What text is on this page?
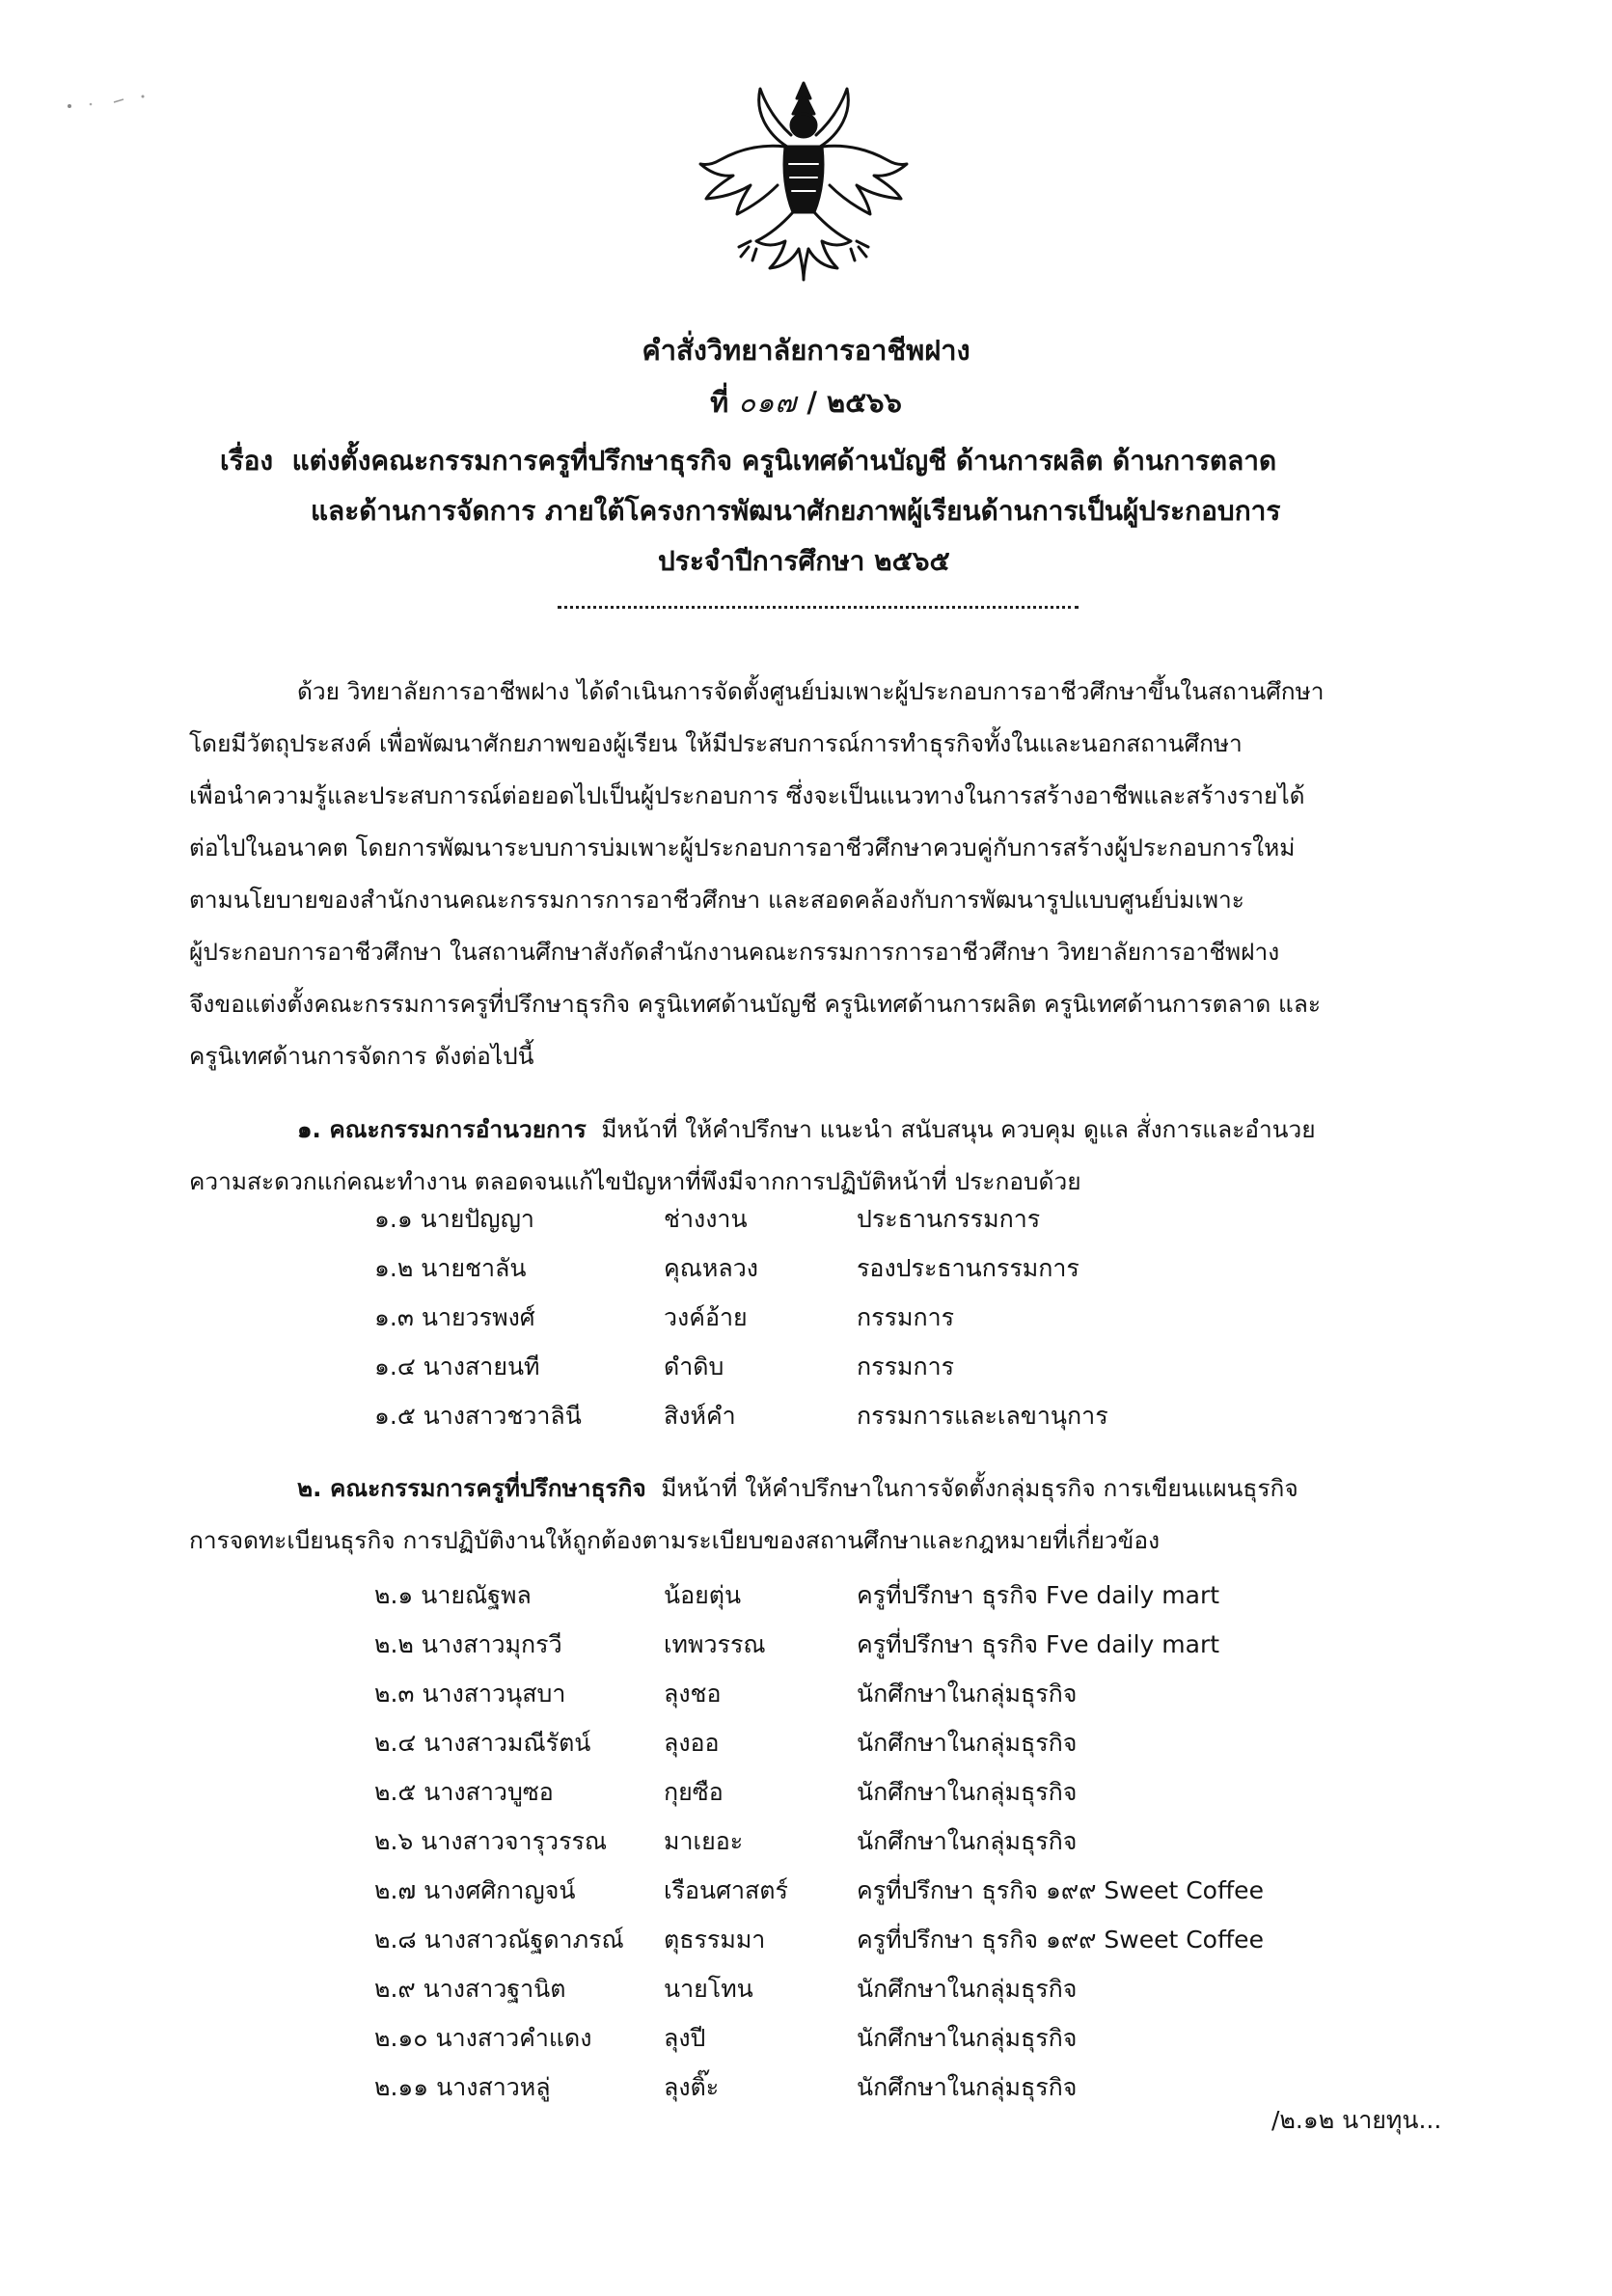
คำสั่งวิทยาลัยการอาชีพฝาง
ที่ ๐๑๗ / ๒๕๖๖
เรื่อง แต่งตั้งคณะกรรมการครูที่ปรึกษาธุรกิจ ครูนิเทศด้านบัญชี ด้านการผลิต ด้านการตลาด
และด้านการจัดการ ภายใต้โครงการพัฒนาศักยภาพผู้เรียนด้านการเป็นผู้ประกอบการ
ประจำปีการศึกษา ๒๕๖๕
ด้วย วิทยาลัยการอาชีพฝาง ได้ดำเนินการจัดตั้งศูนย์บ่มเพาะผู้ประกอบการอาชีวศึกษาขึ้นในสถานศึกษา
โดยมีวัตถุประสงค์ เพื่อพัฒนาศักยภาพของผู้เรียน ให้มีประสบการณ์การทำธุรกิจทั้งในและนอกสถานศึกษา
เพื่อนำความรู้และประสบการณ์ต่อยอดไปเป็นผู้ประกอบการ ซึ่งจะเป็นแนวทางในการสร้างอาชีพและสร้างรายได้
ต่อไปในอนาคต โดยการพัฒนาระบบการบ่มเพาะผู้ประกอบการอาชีวศึกษาควบคู่กับการสร้างผู้ประกอบการใหม่
ตามนโยบายของสำนักงานคณะกรรมการการอาชีวศึกษา และสอดคล้องกับการพัฒนารูปแบบศูนย์บ่มเพาะ
ผู้ประกอบการอาชีวศึกษา ในสถานศึกษาสังกัดสำนักงานคณะกรรมการการอาชีวศึกษา วิทยาลัยการอาชีพฝาง
จึงขอแต่งตั้งคณะกรรมการครูที่ปรึกษาธุรกิจ ครูนิเทศด้านบัญชี ครูนิเทศด้านการผลิต ครูนิเทศด้านการตลาด และ
ครูนิเทศด้านการจัดการ ดังต่อไปนี้
๑. คณะกรรมการอำนวยการ มีหน้าที่ ให้คำปรึกษา แนะนำ สนับสนุน ควบคุม ดูแล สั่งการและอำนวย
ความสะดวกแก่คณะทำงาน ตลอดจนแก้ไขปัญหาที่พึงมีจากการปฏิบัติหน้าที่ ประกอบด้วย
๑.๑ นายปัญญา	ช่างงาน	ประธานกรรมการ
๑.๒ นายชาลัน	คุณหลวง	รองประธานกรรมการ
๑.๓ นายวรพงศ์	วงค์อ้าย	กรรมการ
๑.๔ นางสายนที	ดำดิบ	กรรมการ
๑.๕ นางสาวชวาลินี	สิงห์คำ	กรรมการและเลขานุการ
๒. คณะกรรมการครูที่ปรึกษาธุรกิจ มีหน้าที่ ให้คำปรึกษาในการจัดตั้งกลุ่มธุรกิจ การเขียนแผนธุรกิจ
การจดทะเบียนธุรกิจ การปฏิบัติงานให้ถูกต้องตามระเบียบของสถานศึกษาและกฎหมายที่เกี่ยวข้อง
๒.๑ นายณัฐพล	น้อยตุ่น	ครูที่ปรึกษา ธุรกิจ Fve daily mart
๒.๒ นางสาวมุกรวี	เทพวรรณ	ครูที่ปรึกษา ธุรกิจ Fve daily mart
๒.๓ นางสาวนุสบา	ลุงชอ	นักศึกษาในกลุ่มธุรกิจ
๒.๔ นางสาวมณีรัตน์	ลุงออ	นักศึกษาในกลุ่มธุรกิจ
๒.๕ นางสาวบูซอ	กุยซือ	นักศึกษาในกลุ่มธุรกิจ
๒.๖ นางสาวจารุวรรณ	มาเยอะ	นักศึกษาในกลุ่มธุรกิจ
๒.๗ นางศศิกาญจน์	เรือนศาสตร์	ครูที่ปรึกษา ธุรกิจ ๑๙๙ Sweet Coffee
๒.๘ นางสาวณัฐดาภรณ์	ตุธรรมมา	ครูที่ปรึกษา ธุรกิจ ๑๙๙ Sweet Coffee
๒.๙ นางสาวฐานิต	นายโทน	นักศึกษาในกลุ่มธุรกิจ
๒.๑๐ นางสาวคำแดง	ลุงปี	นักศึกษาในกลุ่มธุรกิจ
๒.๑๑ นางสาวหลู่	ลุงติ๊ะ	นักศึกษาในกลุ่มธุรกิจ
/๒.๑๒ นายทุน...
